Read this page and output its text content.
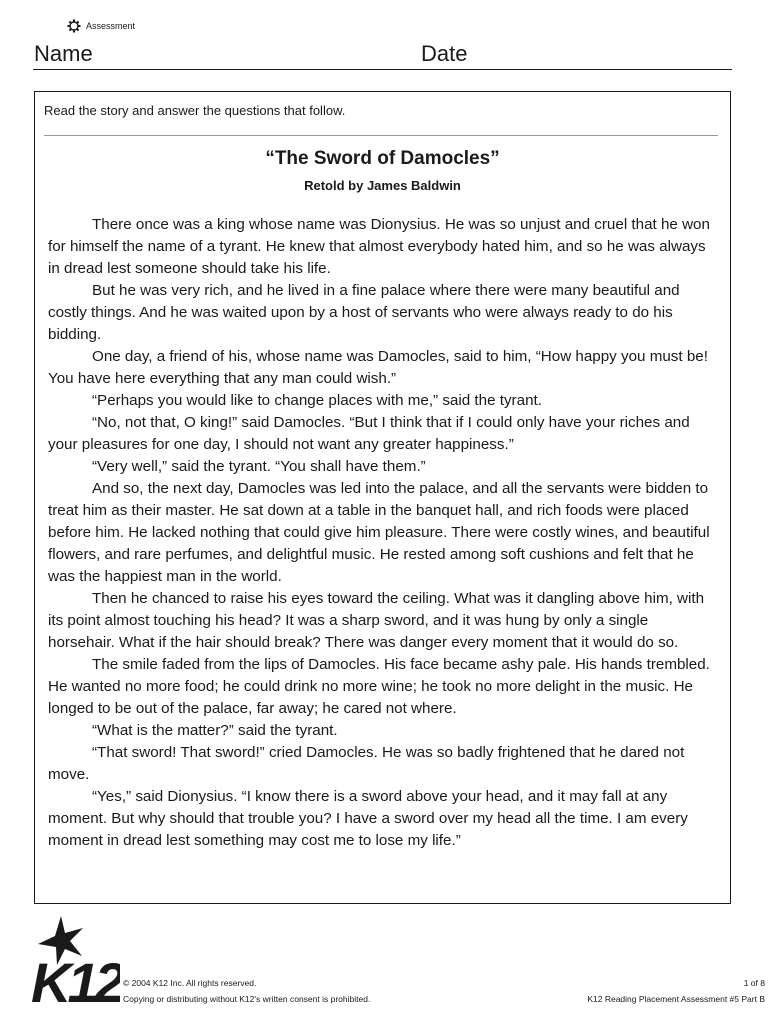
Assessment
Name	Date
Read the story and answer the questions that follow.
“The Sword of Damocles”
Retold by James Baldwin

There once was a king whose name was Dionysius. He was so unjust and cruel that he won for himself the name of a tyrant. He knew that almost everybody hated him, and so he was always in dread lest someone should take his life.

But he was very rich, and he lived in a fine palace where there were many beautiful and costly things. And he was waited upon by a host of servants who were always ready to do his bidding.

One day, a friend of his, whose name was Damocles, said to him, “How happy you must be! You have here everything that any man could wish.”

“Perhaps you would like to change places with me,” said the tyrant.

“No, not that, O king!” said Damocles. “But I think that if I could only have your riches and your pleasures for one day, I should not want any greater happiness.”

“Very well,” said the tyrant. “You shall have them.”

And so, the next day, Damocles was led into the palace, and all the servants were bidden to treat him as their master. He sat down at a table in the banquet hall, and rich foods were placed before him. He lacked nothing that could give him pleasure. There were costly wines, and beautiful flowers, and rare perfumes, and delightful music. He rested among soft cushions and felt that he was the happiest man in the world.

Then he chanced to raise his eyes toward the ceiling. What was it dangling above him, with its point almost touching his head? It was a sharp sword, and it was hung by only a single horsehair. What if the hair should break? There was danger every moment that it would do so.

The smile faded from the lips of Damocles. His face became ashy pale. His hands trembled. He wanted no more food; he could drink no more wine; he took no more delight in the music. He longed to be out of the palace, far away; he cared not where.

“What is the matter?” said the tyrant.

“That sword! That sword!” cried Damocles. He was so badly frightened that he dared not move.

“Yes,” said Dionysius. “I know there is a sword above your head, and it may fall at any moment. But why should that trouble you? I have a sword over my head all the time. I am every moment in dread lest something may cost me to lose my life.”

K12 © 2004 K12 Inc. All rights reserved.
Copying or distributing without K12's written consent is prohibited.
1 of 8
K12 Reading Placement Assessment #5 Part B
